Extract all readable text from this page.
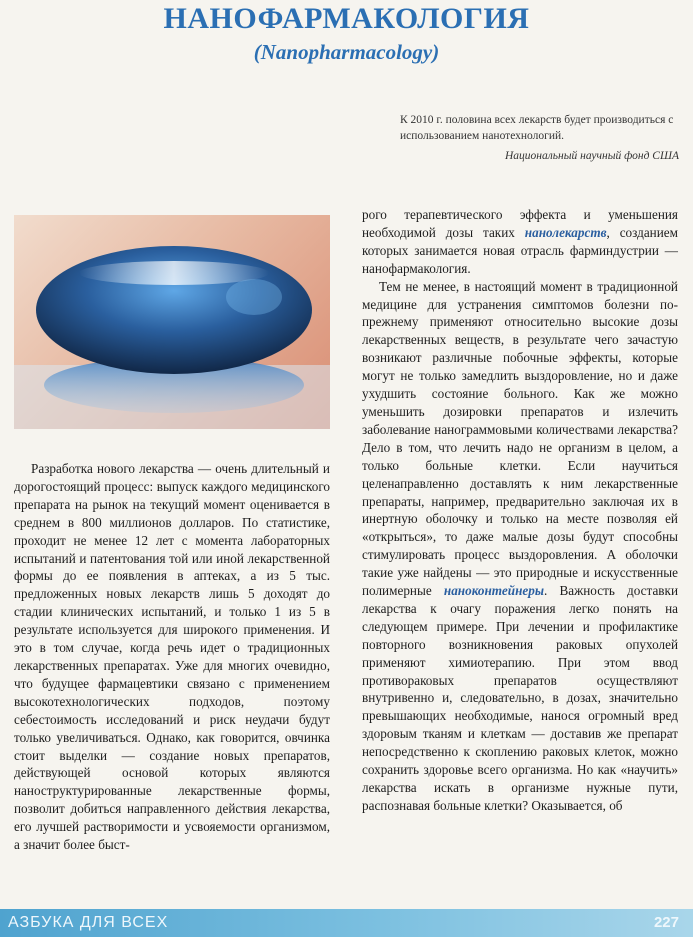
НАНОФАРМАКОЛОГИЯ
(Nanopharmacology)
К 2010 г. половина всех лекарств будет производиться с использованием нанотехнологий.
Национальный научный фонд США

Разработка нового лекарства — очень длительный и дорогостоящий процесс: выпуск каждого медицинского препарата на рынок на текущий момент оценивается в среднем в 800 миллионов долларов. По статистике, проходит не менее 12 лет с момента лабораторных испытаний и патентования той или иной лекарственной формы до ее появления в аптеках, а из 5 тыс. предложенных новых лекарств лишь 5 доходят до стадии клинических испытаний, и только 1 из 5 в результате используется для широкого применения. И это в том случае, когда речь идет о традиционных лекарственных препаратах. Уже для многих очевидно, что будущее фармацевтики связано с применением высокотехнологических подходов, поэтому себестоимость исследований и риск неудачи будут только увеличиваться. Однако, как говорится, овчинка стоит выделки — создание новых препаратов, действующей основой которых являются наноструктурированные лекарственные формы, позволит добиться направленного действия лекарства, его лучшей растворимости и усвояемости организмом, а значит более быст-

рого терапевтического эффекта и уменьшения необходимой дозы таких нанолекарств, созданием которых занимается новая отрасль фарминдустрии — нанофармакология.

Тем не менее, в настоящий момент в традиционной медицине для устранения симптомов болезни по-прежнему применяют относительно высокие дозы лекарственных веществ, в результате чего зачастую возникают различные побочные эффекты, которые могут не только замедлить выздоровление, но и даже ухудшить состояние больного. Как же можно уменьшить дозировки препаратов и излечить заболевание нанограммовыми количествами лекарства? Дело в том, что лечить надо не организм в целом, а только больные клетки. Если научиться целенаправленно доставлять к ним лекарственные препараты, например, предварительно заключая их в инертную оболочку и только на месте позволяя ей «открыться», то даже малые дозы будут способны стимулировать процесс выздоровления. А оболочки такие уже найдены — это природные и искусственные полимерные наноконтейнеры. Важность доставки лекарства к очагу поражения легко понять на следующем примере. При лечении и профилактике повторного возникновения раковых опухолей применяют химиотерапию. При этом ввод противораковых препаратов осуществляют внутривенно и, следовательно, в дозах, значительно превышающих необходимые, нанося огромный вред здоровым тканям и клеткам — доставив же препарат непосредственно к скоплению раковых клеток, можно сохранить здоровье всего организма. Но как «научить» лекарства искать в организме нужные пути, распознавая больные клетки? Оказывается, об

АЗБУКА ДЛЯ ВСЕХ	227
